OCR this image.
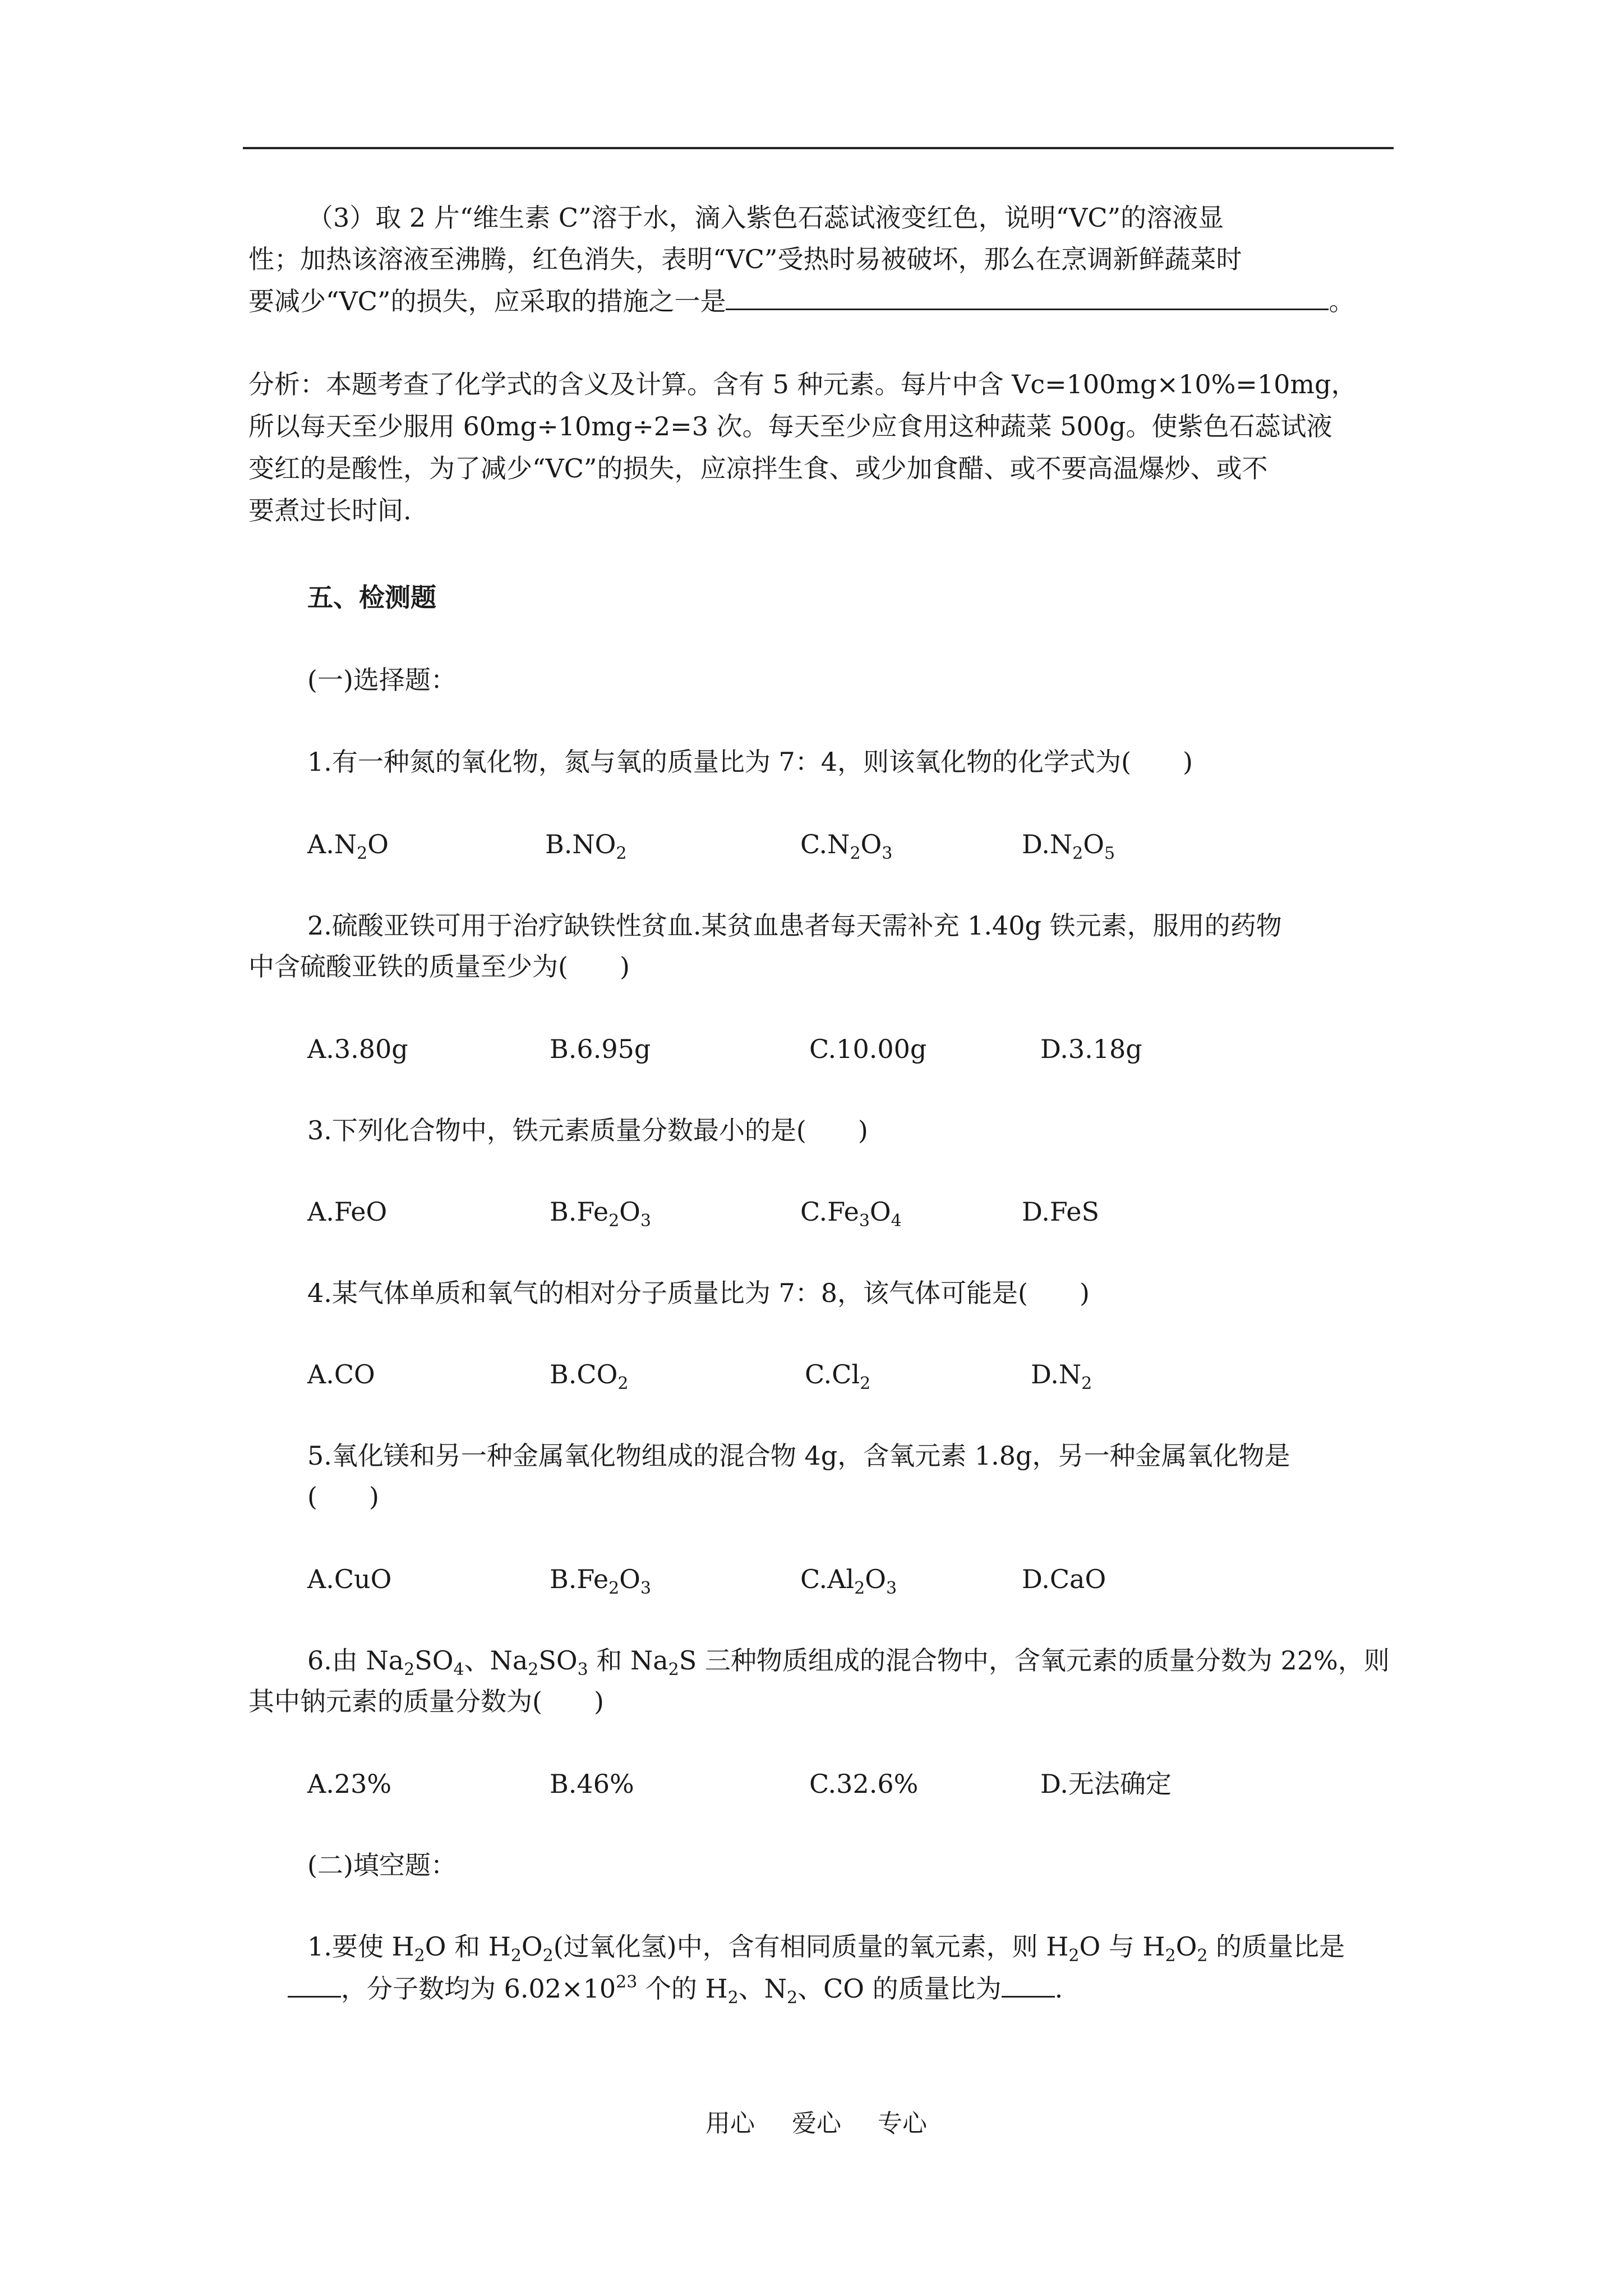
（3）取 2 片“维生素 C”溶于水，滴入紫色石蕊试液变红色，说明“VC”的溶液显
性；加热该溶液至沸腾，红色消失，表明“VC”受热时易被破坏，那么在烹调新鲜蔬菜时
要减少“VC”的损失，应采取的措施之一是	。
分析：本题考查了化学式的含义及计算。含有 5 种元素。每片中含 Vc=100mg×10%=10mg，
所以每天至少服用 60mg÷10mg÷2=3 次。每天至少应食用这种蔬菜 500g。使紫色石蕊试液
变红的是酸性，为了减少“VC”的损失，应凉拌生食、或少加食醋、或不要高温爆炒、或不
要煮过长时间.
五、检测题
(一)选择题：
1.有一种氮的氧化物，氮与氧的质量比为 7：4，则该氧化物的化学式为(　　)
$A.N_2O$	$B.NO_2$	$C.N_2O_3$	$D.N_2O_5$
2.硫酸亚铁可用于治疗缺铁性贫血.某贫血患者每天需补充 1.40g 铁元素，服用的药物
中含硫酸亚铁的质量至少为(　　)
A.3.80g	B.6.95g	C.10.00g	D.3.18g
3.下列化合物中，铁元素质量分数最小的是(　　)
A.FeO	$B.Fe_2O_3$	$C.Fe_3O_4$	D.FeS
4.某气体单质和氧气的相对分子质量比为 7：8，该气体可能是(　　)
A.CO	$B.CO_2$	$C.Cl_2$	$D.N_2$
5.氧化镁和另一种金属氧化物组成的混合物 4g，含氧元素 1.8g，另一种金属氧化物是
(　　)
A.CuO	$B.Fe_2O_3$	$C.Al_2O_3$	D.CaO
6.由 $Na_2SO_4$、$Na_2SO_3$ 和 $Na_2S$ 三种物质组成的混合物中，含氧元素的质量分数为 22%，则
其中钠元素的质量分数为(　　)
A.23%	B.46%	C.32.6%	D.无法确定
(二)填空题：
1.要使 $H_2O$ 和 $H_2O_2$(过氧化氢)中，含有相同质量的氧元素，则 $H_2O$ 与 $H_2O_2$ 的质量比是
，分子数均为 $6.02\times 10^{23}$ 个的 $H_2$、$N_2$、CO 的质量比为 .
用心 爱心 专心
